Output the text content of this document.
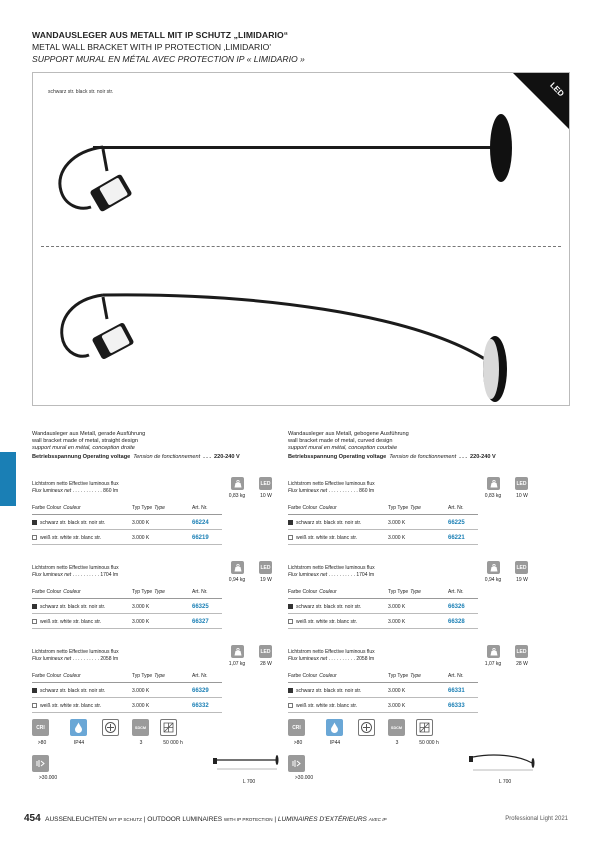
WANDAUSLEGER AUS METALL MIT IP SCHUTZ „LIMIDARIO“
METAL WALL BRACKET WITH IP PROTECTION ‚LIMIDARIO'
SUPPORT MURAL EN MÉTAL AVEC PROTECTION IP « LIMIDARIO »
schwarz str. black str. noir str.	LED
Wandausleger aus Metall, gerade Ausführung
wall bracket made of metal, straight design
support mural en métal, conception droite
Betriebsspannung Operating voltage Tension de fonctionnement . . . 220-240 V
Lichtstrom netto Effective luminous flux
Flux lumineux net . . . . . . . . . . . 860 lm
LED
0,83 kg	10 W
Farbe Colour Couleur	Typ Type Type	Art. Nr.
schwarz str. black str. noir str.	3.000 K	66224
weiß str. white str. blanc str.	3.000 K	66219
Lichtstrom netto Effective luminous flux
Flux lumineux net . . . . . . . . . . 1704 lm
LED
0,94 kg	19 W
Farbe Colour Couleur	Typ Type Type	Art. Nr.
schwarz str. black str. noir str.	3.000 K	66325
weiß str. white str. blanc str.	3.000 K	66327
Lichtstrom netto Effective luminous flux
Flux lumineux net . . . . . . . . . . 2058 lm
LED
1,07 kg	28 W
Farbe Colour Couleur	Typ Type Type	Art. Nr.
schwarz str. black str. noir str.	3.000 K	66329
weiß str. white str. blanc str.	3.000 K	66332
CRI	SDCM
>80	IP44	3	50 000 h
>30.000
L 700
Wandausleger aus Metall, gebogene Ausführung
wall bracket made of metal, curved design
support mural en métal, conception courbée
Betriebsspannung Operating voltage Tension de fonctionnement . . . 220-240 V
Lichtstrom netto Effective luminous flux
Flux lumineux net . . . . . . . . . . . 860 lm
LED
0,83 kg	10 W
Farbe Colour Couleur	Typ Type Type	Art. Nr.
schwarz str. black str. noir str.	3.000 K	66225
weiß str. white str. blanc str.	3.000 K	66221
Lichtstrom netto Effective luminous flux
Flux lumineux net . . . . . . . . . . 1704 lm
LED
0,94 kg	19 W
Farbe Colour Couleur	Typ Type Type	Art. Nr.
schwarz str. black str. noir str.	3.000 K	66326
weiß str. white str. blanc str.	3.000 K	66328
Lichtstrom netto Effective luminous flux
Flux lumineux net . . . . . . . . . . 2058 lm
LED
1,07 kg	28 W
Farbe Colour Couleur	Typ Type Type	Art. Nr.
schwarz str. black str. noir str.	3.000 K	66331
weiß str. white str. blanc str.	3.000 K	66333
CRI	SDCM
>80	IP44	3	50 000 h
>30.000
L 700
454 AUSSENLEUCHTEN MIT IP SCHUTZ | OUTDOOR LUMINAIRES WITH IP PROTECTION | LUMINAIRES D'EXTÉRIEURS AVEC IP	Professional Light 2021
